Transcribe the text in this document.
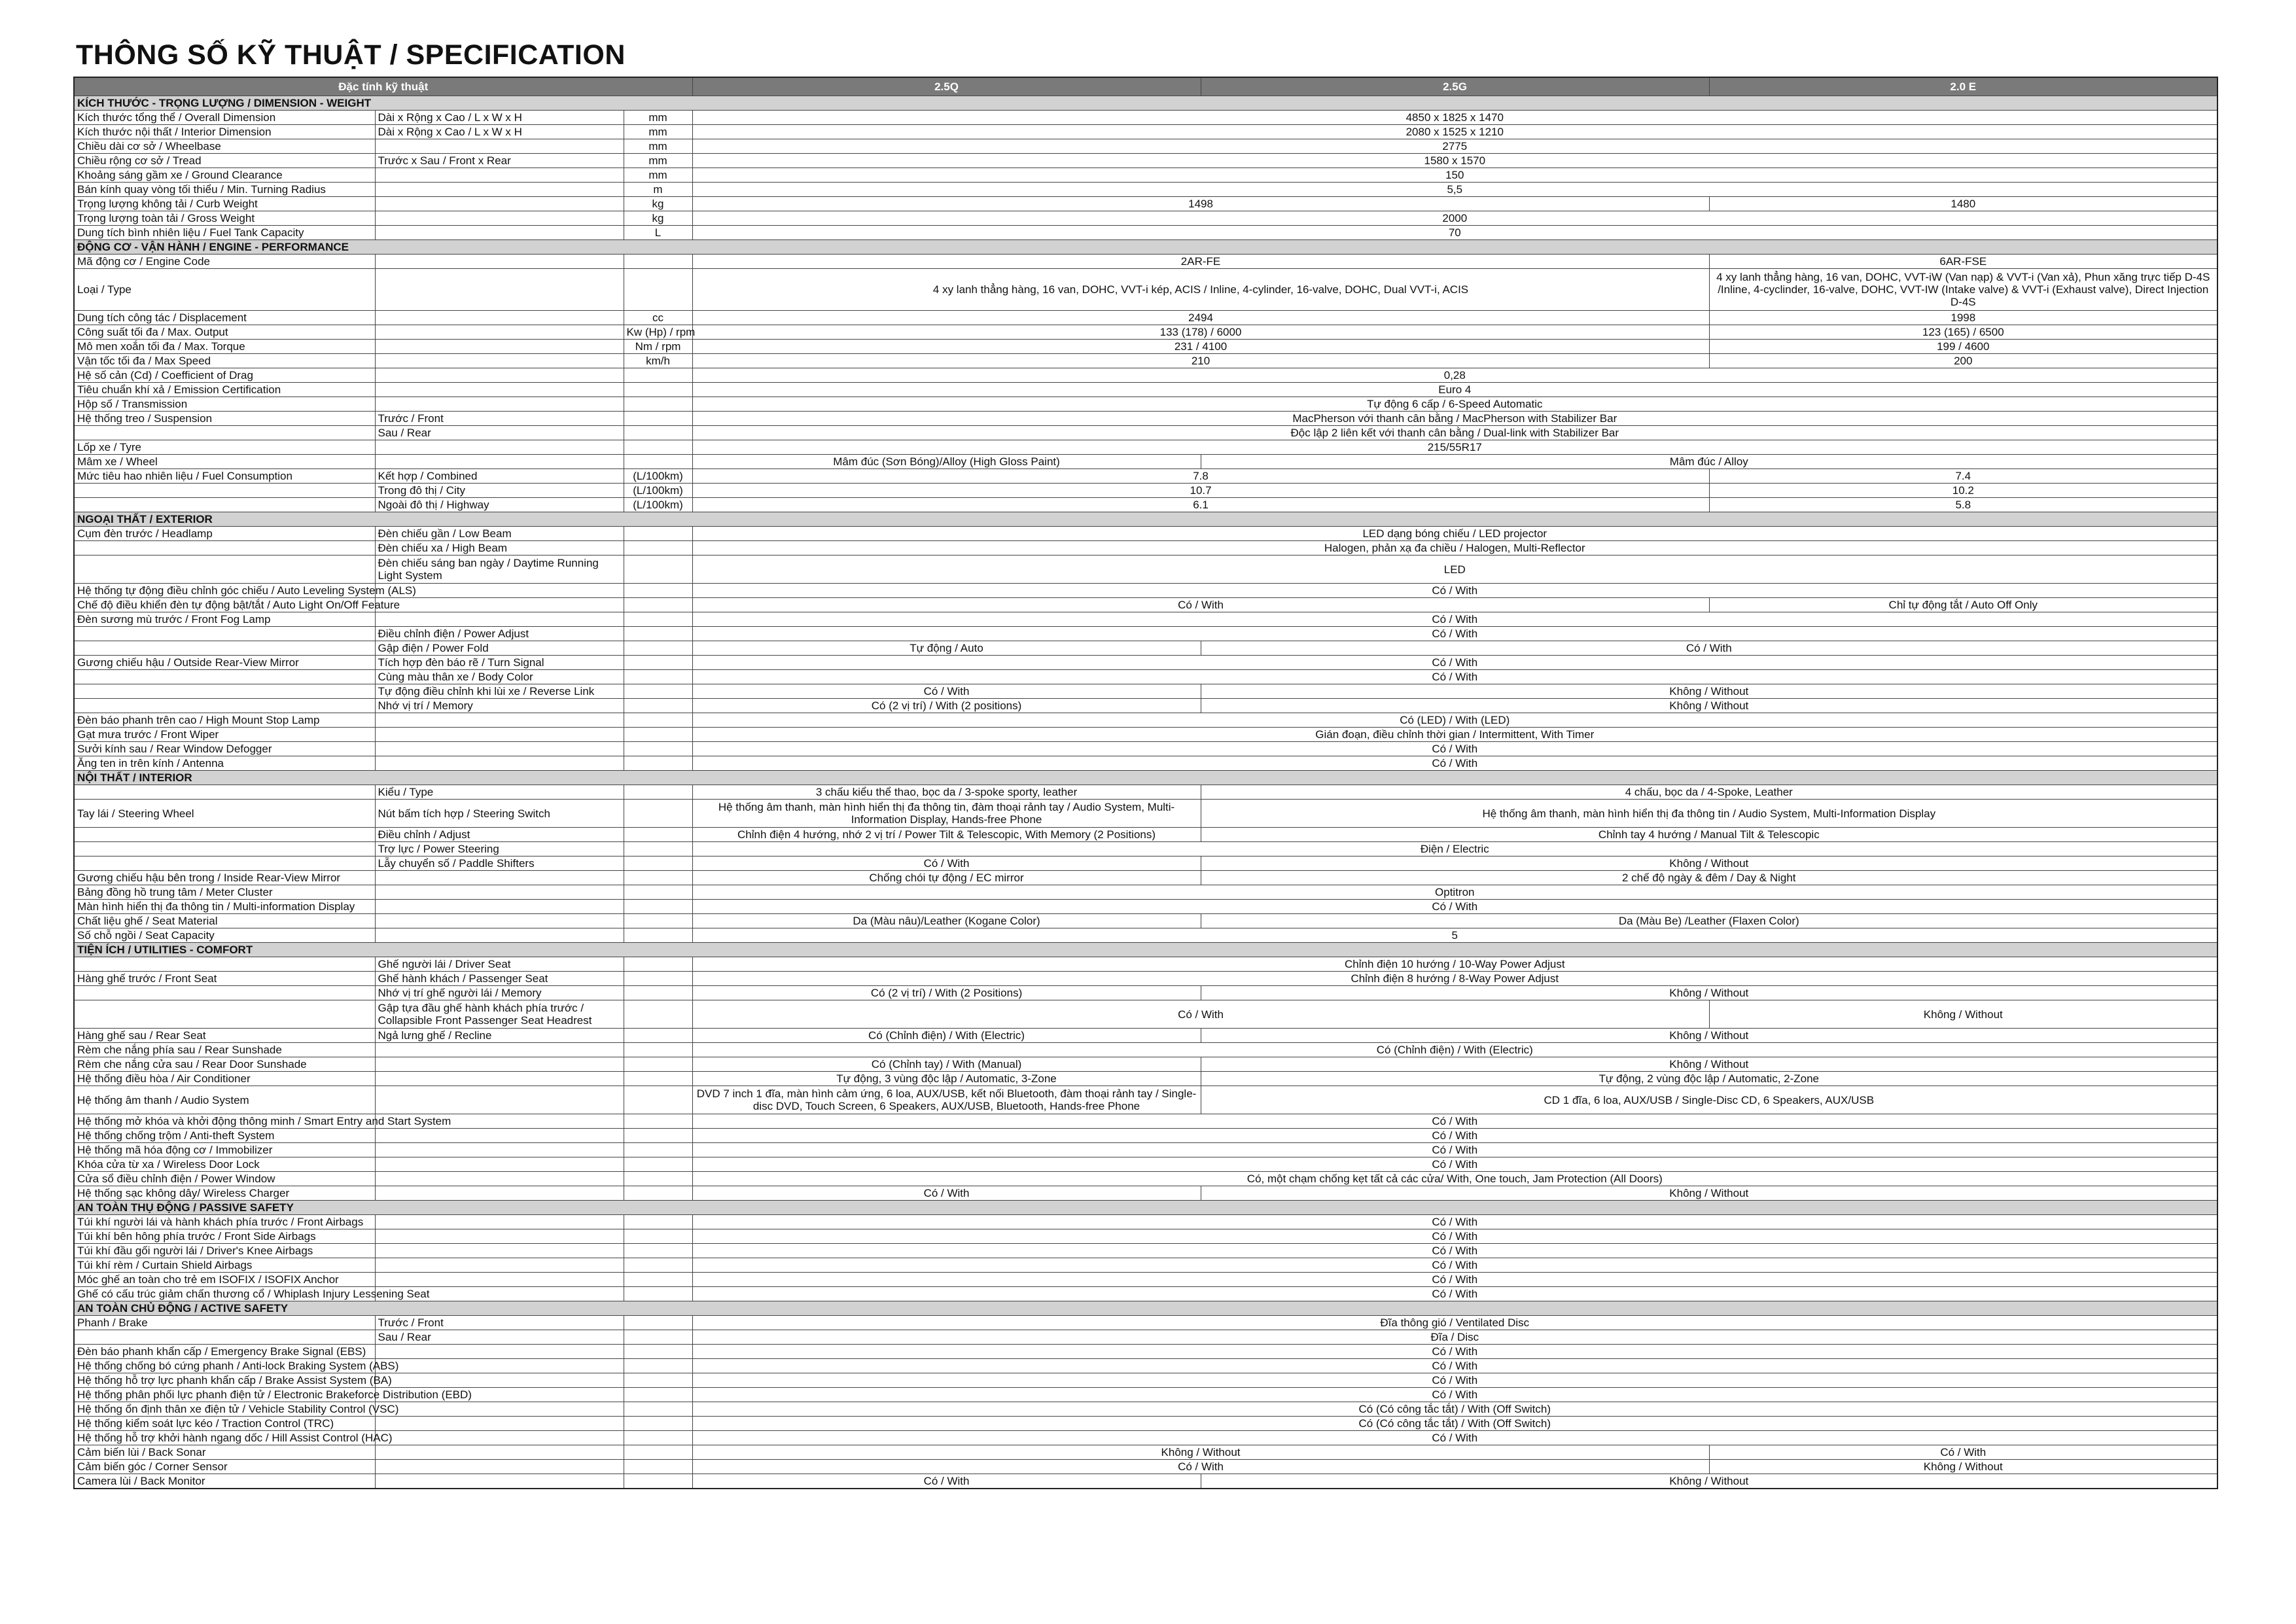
THÔNG SỐ KỸ THUẬT / SPECIFICATION
Đặc tính kỹ thuật			2.5Q	2.5G	2.0 E
KÍCH THƯỚC - TRỌNG LƯỢNG / DIMENSION - WEIGHT					
Kích thước tổng thể / Overall Dimension	Dài x Rộng x Cao / L x W x H	mm	4850 x 1825 x 1470		
Kích thước nội thất / Interior Dimension	Dài x Rộng x Cao / L x W x H	mm	2080 x 1525 x 1210		
Chiều dài cơ sở / Wheelbase		mm	2775		
Chiều rộng cơ sở / Tread	Trước x Sau / Front x Rear	mm	1580 x 1570		
Khoảng sáng gầm xe / Ground Clearance		mm	150		
Bán kính quay vòng tối thiểu / Min. Turning Radius		m	5,5		
Trọng lượng không tải / Curb Weight		kg	1498		1480
Trọng lượng toàn tải / Gross Weight		kg	2000		
Dung tích bình nhiên liệu / Fuel Tank Capacity		L	70		
ĐỘNG CƠ - VẬN HÀNH / ENGINE - PERFORMANCE					
Mã động cơ / Engine Code			2AR-FE		6AR-FSE
Loại / Type			4 xy lanh thẳng hàng, 16 van, DOHC, VVT-i kép, ACIS / Inline, 4-cylinder, 16-valve, DOHC, Dual VVT-i, ACIS		4 xy lanh thẳng hàng, 16 van, DOHC, VVT-iW (Van nạp) & VVT-i (Van xả), Phun xăng trực tiếp D-4S /Inline, 4-cyclinder, 16-valve, DOHC, VVT-IW (Intake valve) & VVT-i (Exhaust valve), Direct Injection D-4S
Dung tích công tác / Displacement		cc	2494		1998
Công suất tối đa / Max. Output		Kw (Hp) / rpm	133 (178) / 6000		123 (165) / 6500
Mô men xoắn tối đa / Max. Torque		Nm / rpm	231 / 4100		199 / 4600
Vận tốc tối đa / Max Speed		km/h	210		200
Hệ số cản (Cd) / Coefficient of Drag			0,28		
Tiêu chuẩn khí xả / Emission Certification			Euro 4		
Hộp số / Transmission			Tự động 6 cấp / 6-Speed Automatic		
Hệ thống treo / Suspension	Trước / Front		MacPherson với thanh cân bằng / MacPherson with Stabilizer Bar		
	Sau / Rear		Độc lập 2 liên kết với thanh cân bằng / Dual-link with Stabilizer Bar		
Lốp xe / Tyre			215/55R17		
Mâm xe / Wheel			Mâm đúc (Sơn Bóng)/Alloy (High Gloss Paint)	Mâm đúc / Alloy	
Mức tiêu hao nhiên liệu / Fuel Consumption	Kết hợp / Combined	(L/100km)	7.8		7.4
	Trong đô thị / City	(L/100km)	10.7		10.2
	Ngoài đô thị / Highway	(L/100km)	6.1		5.8
NGOẠI THẤT / EXTERIOR					
Cụm đèn trước / Headlamp	Đèn chiếu gần / Low Beam		LED dạng bóng chiếu / LED projector		
	Đèn chiếu xa / High Beam		Halogen, phản xạ đa chiều / Halogen, Multi-Reflector		
	Đèn chiếu sáng ban ngày / Daytime Running Light System		LED		
Hệ thống tự động điều chỉnh góc chiếu / Auto Leveling System (ALS)			Có / With		
Chế độ điều khiển đèn tự động bật/tắt / Auto Light On/Off Feature			Có / With		Chỉ tự động tắt / Auto Off Only
Đèn sương mù trước / Front Fog Lamp			Có / With		
	Điều chỉnh điện / Power Adjust		Có / With		
	Gập điện / Power Fold		Tự động / Auto	Có / With	
Gương chiếu hậu / Outside Rear-View Mirror	Tích hợp đèn báo rẽ / Turn Signal		Có / With		
	Cùng màu thân xe / Body Color		Có / With		
	Tự động điều chỉnh khi lùi xe / Reverse Link		Có / With	Không / Without	
	Nhớ vị trí / Memory		Có (2 vị trí) / With (2 positions)	Không / Without	
Đèn báo phanh trên cao / High Mount Stop Lamp			Có (LED) / With (LED)		
Gạt mưa trước / Front Wiper			Gián đoạn, điều chỉnh thời gian / Intermittent, With Timer		
Sưởi kính sau / Rear Window Defogger			Có / With		
Ăng ten in trên kính / Antenna			Có / With		
NỘI THẤT / INTERIOR					
	Kiểu / Type		3 chấu kiểu thể thao, bọc da / 3-spoke sporty, leather	4 chấu, bọc da / 4-Spoke, Leather	
Tay lái / Steering Wheel	Nút bấm tích hợp / Steering Switch		Hệ thống âm thanh, màn hình hiển thị đa thông tin, đàm thoại rảnh tay / Audio System, Multi-Information Display, Hands-free Phone	Hệ thống âm thanh, màn hình hiển thị đa thông tin / Audio System, Multi-Information Display	
	Điều chỉnh / Adjust		Chỉnh điện 4 hướng, nhớ 2 vị trí / Power Tilt & Telescopic, With Memory (2 Positions)	Chỉnh tay 4 hướng / Manual Tilt & Telescopic	
	Trợ lực / Power Steering		Điện / Electric		
	Lẫy chuyển số / Paddle Shifters		Có / With	Không / Without	
Gương chiếu hậu bên trong / Inside Rear-View Mirror			Chống chói tự động / EC mirror	2 chế độ ngày & đêm / Day & Night	
Bảng đồng hồ trung tâm / Meter Cluster			Optitron		
Màn hình hiển thị đa thông tin / Multi-information Display			Có / With		
Chất liệu ghế / Seat Material			Da (Màu nâu)/Leather (Kogane Color)	Da (Màu Be) /Leather (Flaxen Color)	
Số chỗ ngồi / Seat Capacity			5		
TIỆN ÍCH / UTILITIES - COMFORT					
	Ghế người lái / Driver Seat		Chỉnh điện 10 hướng / 10-Way Power Adjust		
Hàng ghế trước / Front Seat	Ghế hành khách / Passenger Seat		Chỉnh điện 8 hướng / 8-Way Power Adjust		
	Nhớ vị trí ghế người lái / Memory		Có (2 vị trí) / With (2 Positions)	Không / Without	
	Gập tựa đầu ghế hành khách phía trước / Collapsible Front Passenger Seat Headrest		Có / With		Không / Without
Hàng ghế sau / Rear Seat	Ngả lưng ghế / Recline		Có (Chỉnh điện) / With (Electric)	Không / Without	
Rèm che nắng phía sau / Rear Sunshade			Có (Chỉnh điện) / With (Electric)		
Rèm che nắng cửa sau / Rear Door Sunshade			Có (Chỉnh tay) / With (Manual)	Không / Without	
Hệ thống điều hòa / Air Conditioner			Tự động, 3 vùng độc lập / Automatic, 3-Zone	Tự động, 2 vùng độc lập / Automatic, 2-Zone	
Hệ thống âm thanh / Audio System			DVD 7 inch 1 đĩa, màn hình cảm ứng, 6 loa, AUX/USB, kết nối Bluetooth, đàm thoại rảnh tay / Single-disc DVD, Touch Screen, 6 Speakers, AUX/USB, Bluetooth, Hands-free Phone	CD 1 đĩa, 6 loa, AUX/USB / Single-Disc CD, 6 Speakers, AUX/USB	
Hệ thống mở khóa và khởi động thông minh / Smart Entry and Start System			Có / With		
Hệ thống chống trộm / Anti-theft System			Có / With		
Hệ thống mã hóa động cơ / Immobilizer			Có / With		
Khóa cửa từ xa / Wireless Door Lock			Có / With		
Cửa sổ điều chỉnh điện / Power Window			Có, một chạm chống kẹt tất cả các cửa/ With, One touch, Jam Protection (All Doors)		
Hệ thống sạc không dây/ Wireless Charger			Có / With	Không / Without	
AN TOÀN THỤ ĐỘNG / PASSIVE SAFETY					
Túi khí người lái và hành khách phía trước / Front Airbags			Có / With		
Túi khí bên hông phía trước / Front Side Airbags			Có / With		
Túi khí đầu gối người lái / Driver's Knee Airbags			Có / With		
Túi khí rèm / Curtain Shield Airbags			Có / With		
Móc ghế an toàn cho trẻ em ISOFIX / ISOFIX Anchor			Có / With		
Ghế có cấu trúc giảm chấn thương cổ / Whiplash Injury Lessening Seat			Có / With		
AN TOÀN CHỦ ĐỘNG / ACTIVE SAFETY					
Phanh / Brake	Trước / Front		Đĩa thông gió / Ventilated Disc		
	Sau / Rear		Đĩa / Disc		
Đèn báo phanh khẩn cấp / Emergency Brake Signal (EBS)			Có / With		
Hệ thống chống bó cứng phanh / Anti-lock Braking System (ABS)			Có / With		
Hệ thống hỗ trợ lực phanh khẩn cấp / Brake Assist System (BA)			Có / With		
Hệ thống phân phối lực phanh điện tử / Electronic Brakeforce Distribution (EBD)			Có / With		
Hệ thống ổn định thân xe điện tử / Vehicle Stability Control (VSC)			Có (Có công tắc tắt) / With (Off Switch)		
Hệ thống kiểm soát lực kéo / Traction Control (TRC)			Có (Có công tắc tắt) / With (Off Switch)		
Hệ thống hỗ trợ khởi hành ngang dốc / Hill Assist Control (HAC)			Có / With		
Cảm biến lùi / Back Sonar			Không / Without		Có / With
Cảm biến góc / Corner Sensor			Có / With		Không / Without
Camera lùi / Back Monitor			Có / With	Không / Without	
